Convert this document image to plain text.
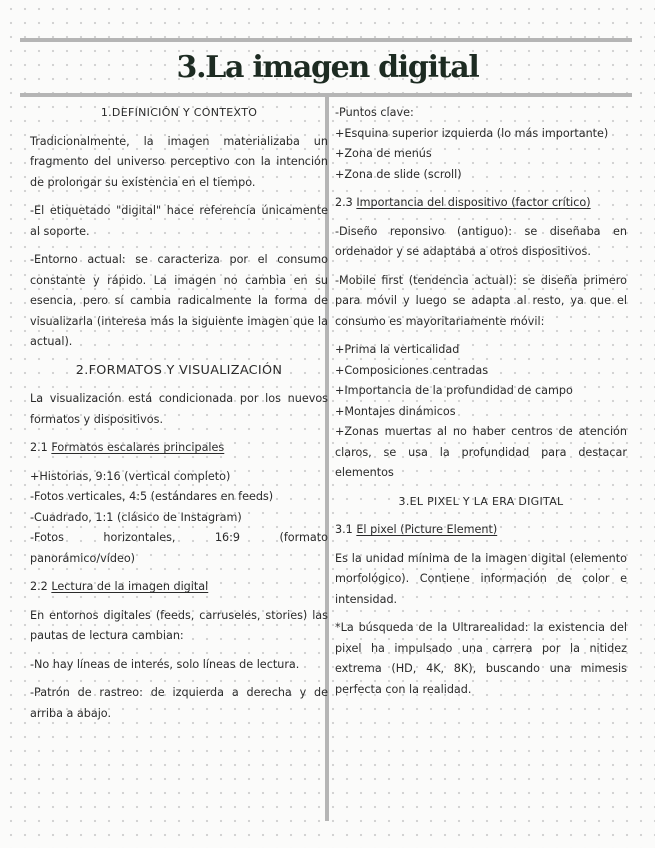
3.La imagen digital

1.DEFINICIÓN Y CONTEXTO

Tradicionalmente, la imagen materializaba un fragmento del universo perceptivo con la intención de prolongar su existencia en el tiempo.

-El etiquetado "digital" hace referencia únicamente al soporte.

-Entorno actual: se caracteriza por el consumo constante y rápido. La imagen no cambia en su esencia, pero sí cambia radicalmente la forma de visualizarla (interesa más la siguiente imagen que la actual).

2.FORMATOS Y VISUALIZACIÓN

La visualización está condicionada por los nuevos formatos y dispositivos.

2.1 Formatos escalares principales

+Historias, 9:16 (vertical completo)

-Fotos verticales, 4:5 (estándares en feeds)

-Cuadrado, 1:1 (clásico de Instagram)

-Fotos horizontales, 16:9 (formato panorámico/vídeo)

2.2 Lectura de la imagen digital

En entornos digitales (feeds, carruseles, stories) las pautas de lectura cambian:

-No hay líneas de interés, solo líneas de lectura.

-Patrón de rastreo: de izquierda a derecha y de arriba a abajo.

-Puntos clave:

+Esquina superior izquierda (lo más importante)

+Zona de menús

+Zona de slide (scroll)

2.3 Importancia del dispositivo (factor crítico)

-Diseño reponsivo (antiguo): se diseñaba en ordenador y se adaptaba a otros dispositivos.

-Mobile first (tendencia actual): se diseña primero para móvil y luego se adapta al resto, ya que el consumo es mayoritariamente móvil:

+Prima la verticalidad

+Composiciones centradas

+Importancia de la profundidad de campo

+Montajes dinámicos

+Zonas muertas al no haber centros de atención claros, se usa la profundidad para destacar elementos

3.EL PIXEL Y LA ERA DIGITAL

3.1 El pixel (Picture Element)

Es la unidad mínima de la imagen digital (elemento morfológico). Contiene información de color e intensidad.

*La búsqueda de la Ultrarealidad: la existencia del pixel ha impulsado una carrera por la nitidez extrema (HD, 4K, 8K), buscando una mimesis perfecta con la realidad.
